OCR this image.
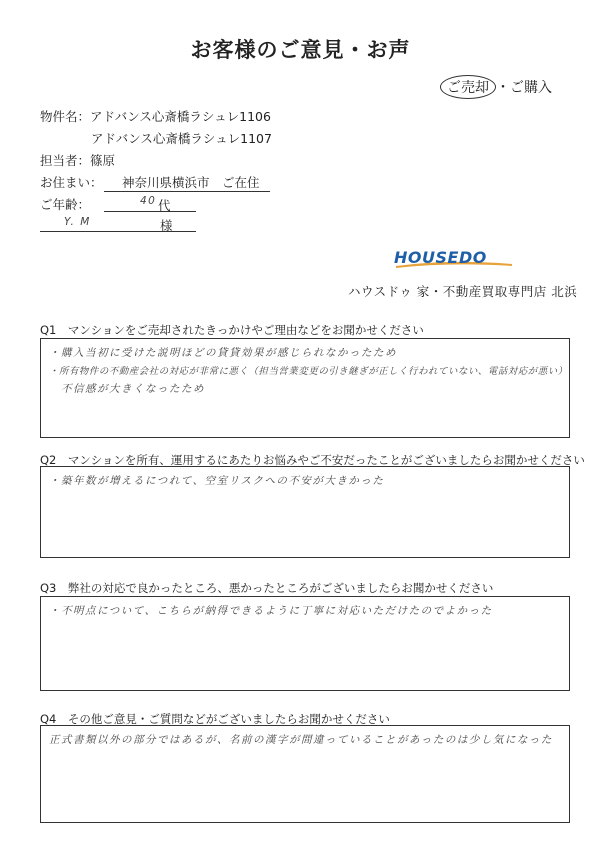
お客様のご意見・お声
ご売却 ・ご購入
物件名：アドバンス心斎橋ラシュレ1106
アドバンス心斎橋ラシュレ1107
担当者：篠原
お住まい：	神奈川県横浜市　ご在住
ご年齢：	40 代
Y. M	様
HOUSEDO
ハウスドゥ 家・不動産買取専門店 北浜
Q1　マンションをご売却されたきっかけやご理由などをお聞かせください
・購入当初に受けた説明ほどの貸貸効果が感じられなかったため
・所有物件の不動産会社の対応が非常に悪く（担当営業変更の引き継ぎが正しく行われていない、電話対応が悪い）
　不信感が大きくなったため
Q2　マンションを所有、運用するにあたりお悩みやご不安だったことがございましたらお聞かせください
・築年数が増えるにつれて、空室リスクへの不安が大きかった
Q3　弊社の対応で良かったところ、悪かったところがございましたらお聞かせください
・不明点について、こちらが納得できるように丁寧に対応いただけたのでよかった
Q4　その他ご意見・ご質問などがございましたらお聞かせください
正式書類以外の部分ではあるが、名前の漢字が間違っていることがあったのは少し気になった
